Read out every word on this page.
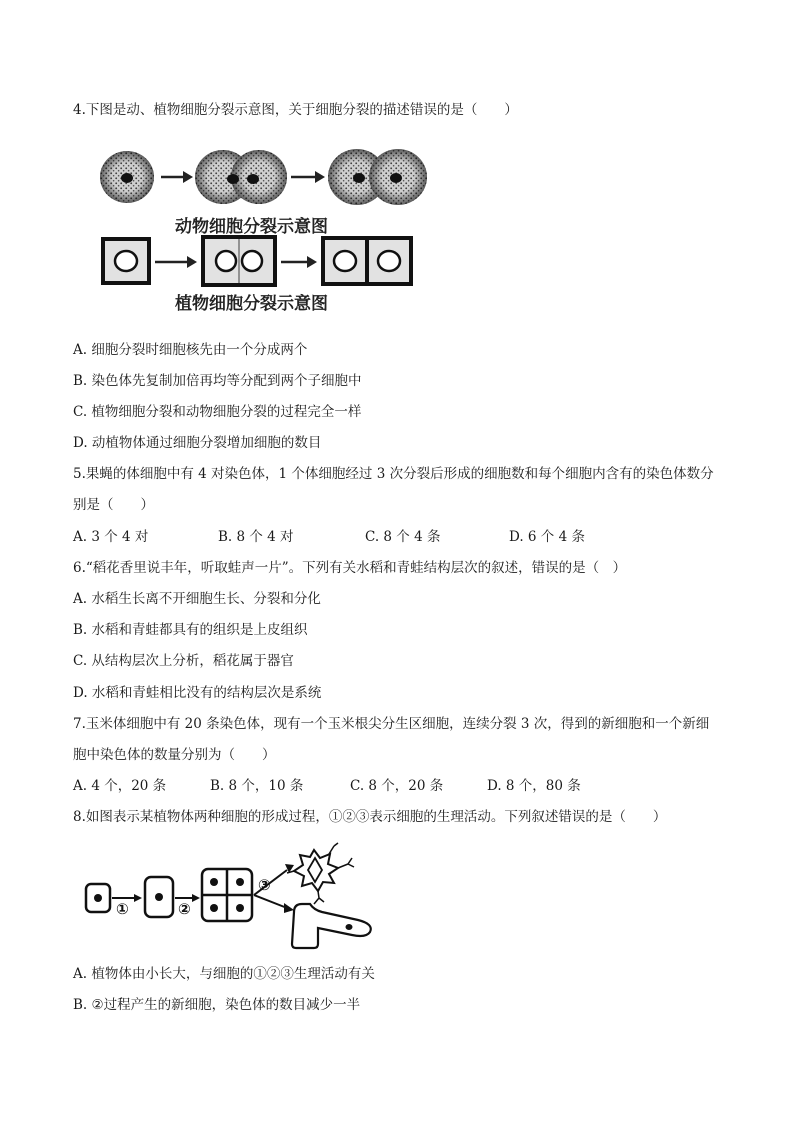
4.下图是动、植物细胞分裂示意图，关于细胞分裂的描述错误的是（　　）
动物细胞分裂示意图
植物细胞分裂示意图
A. 细胞分裂时细胞核先由一个分成两个
B. 染色体先复制加倍再均等分配到两个子细胞中
C. 植物细胞分裂和动物细胞分裂的过程完全一样
D. 动植物体通过细胞分裂增加细胞的数目
5.果蝇的体细胞中有 4 对染色体，1 个体细胞经过 3 次分裂后形成的细胞数和每个细胞内含有的染色体数分
别是（　　）
A. 3 个 4 对	B. 8 个 4 对	C. 8 个 4 条	D. 6 个 4 条
6.“稻花香里说丰年，听取蛙声一片”。下列有关水稻和青蛙结构层次的叙述，错误的是（　）
A. 水稻生长离不开细胞生长、分裂和分化
B. 水稻和青蛙都具有的组织是上皮组织
C. 从结构层次上分析，稻花属于器官
D. 水稻和青蛙相比没有的结构层次是系统
7.玉米体细胞中有 20 条染色体，现有一个玉米根尖分生区细胞，连续分裂 3 次，得到的新细胞和一个新细
胞中染色体的数量分别为（　　）
A. 4 个，20 条	B. 8 个，10 条	C. 8 个，20 条	D. 8 个，80 条
8.如图表示某植物体两种细胞的形成过程，①②③表示细胞的生理活动。下列叙述错误的是（　　）
①	②
③
A. 植物体由小长大，与细胞的①②③生理活动有关
B. ②过程产生的新细胞，染色体的数目减少一半
